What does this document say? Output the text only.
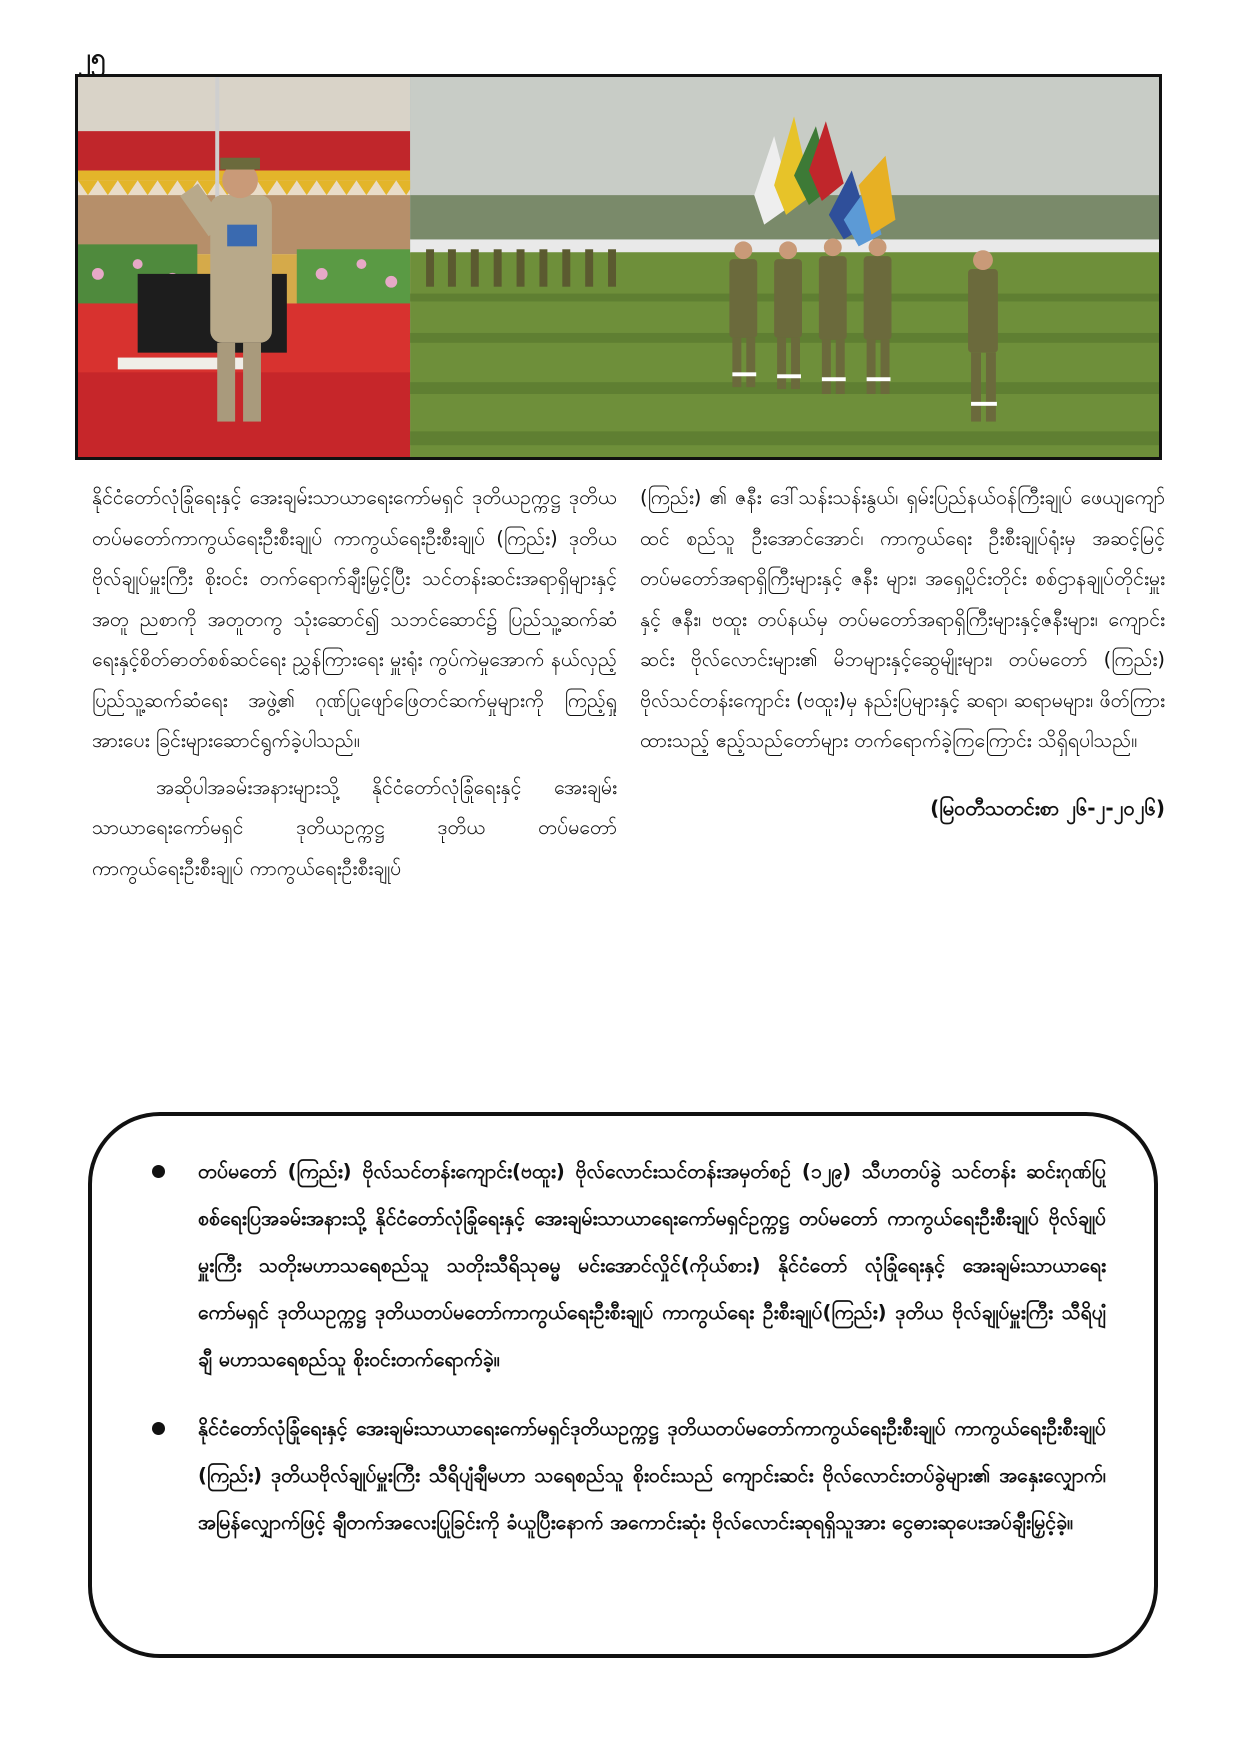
၂၅

နိုင်ငံတော်လုံခြုံရေးနှင့် အေးချမ်းသာယာရေးကော်မရှင် ဒုတိယဥက္ကဋ္ဌ ဒုတိယတပ်မတော်ကာကွယ်ရေးဦးစီးချုပ် ကာကွယ်ရေးဦးစီးချုပ် (ကြည်း) ဒုတိယဗိုလ်ချုပ်မှူးကြီး စိုးဝင်း တက်ရောက်ချီးမြှင့်ပြီး သင်တန်းဆင်းအရာရှိများနှင့် အတူ ညစာကို အတူတကွ သုံးဆောင်၍ သဘင်ဆောင်၌ ပြည်သူ့ဆက်ဆံရေးနှင့်စိတ်ဓာတ်စစ်ဆင်ရေး ညွှန်ကြားရေး မှူးရုံး ကွပ်ကဲမှုအောက် နယ်လှည့် ပြည်သူ့ဆက်ဆံရေး အဖွဲ့၏ ဂုဏ်ပြုဖျော်ဖြေတင်ဆက်မှုများကို ကြည့်ရှုအားပေး ခြင်းများဆောင်ရွက်ခဲ့ပါသည်။

အဆိုပါအခမ်းအနားများသို့ နိုင်ငံတော်လုံခြုံရေးနှင့် အေးချမ်းသာယာရေးကော်မရှင် ဒုတိယဥက္ကဋ္ဌ ဒုတိယ တပ်မတော်ကာကွယ်ရေးဦးစီးချုပ် ကာကွယ်ရေးဦးစီးချုပ်

(ကြည်း) ၏ ဇနီး ဒေါ်သန်းသန်းနွယ်၊ ရှမ်းပြည်နယ်ဝန်ကြီးချုပ် ဖေယျကျော်ထင် စည်သူ ဦးအောင်အောင်၊ ကာကွယ်ရေး ဦးစီးချုပ်ရုံးမှ အဆင့်မြင့်တပ်မတော်အရာရှိကြီးများနှင့် ဇနီး များ၊ အရှေ့ပိုင်းတိုင်း စစ်ဌာနချုပ်တိုင်းမှူးနှင့် ဇနီး၊ ဗထူး တပ်နယ်မှ တပ်မတော်အရာရှိကြီးများနှင့်ဇနီးများ၊ ကျောင်း ဆင်း ဗိုလ်လောင်းများ၏ မိဘများနှင့်ဆွေမျိုးများ၊ တပ်မတော် (ကြည်း) ဗိုလ်သင်တန်းကျောင်း (ဗထူး)မှ နည်းပြများနှင့် ဆရာ၊ ဆရာမများ၊ ဖိတ်ကြားထားသည့် ဧည့်သည်တော်များ တက်ရောက်ခဲ့ကြကြောင်း သိရှိရပါသည်။

(မြဝတီသတင်းစာ ၂၆-၂-၂၀၂၆)

တပ်မတော် (ကြည်း) ဗိုလ်သင်တန်းကျောင်း(ဗထူး) ဗိုလ်လောင်းသင်တန်းအမှတ်စဉ် (၁၂၉) သီဟတပ်ခွဲ သင်တန်း ဆင်းဂုဏ်ပြုစစ်ရေးပြအခမ်းအနားသို့ နိုင်ငံတော်လုံခြုံရေးနှင့် အေးချမ်းသာယာရေးကော်မရှင်ဥက္ကဋ္ဌ တပ်မတော် ကာကွယ်ရေးဦးစီးချုပ် ဗိုလ်ချုပ်မှူးကြီး သတိုးမဟာသရေစည်သူ သတိုးသီရိသုဓမ္မ မင်းအောင်လှိုင်(ကိုယ်စား) နိုင်ငံတော် လုံခြုံရေးနှင့် အေးချမ်းသာယာရေးကော်မရှင် ဒုတိယဥက္ကဋ္ဌ ဒုတိယတပ်မတော်ကာကွယ်ရေးဦးစီးချုပ် ကာကွယ်ရေး ဦးစီးချုပ်(ကြည်း) ဒုတိယ ဗိုလ်ချုပ်မှူးကြီး သီရိပျံချီ မဟာသရေစည်သူ စိုးဝင်းတက်ရောက်ခဲ့။
နိုင်ငံတော်လုံခြုံရေးနှင့် အေးချမ်းသာယာရေးကော်မရှင်ဒုတိယဥက္ကဋ္ဌ ဒုတိယတပ်မတော်ကာကွယ်ရေးဦးစီးချုပ် ကာကွယ်ရေးဦးစီးချုပ် (ကြည်း) ဒုတိယဗိုလ်ချုပ်မှူးကြီး သီရိပျံချီမဟာ သရေစည်သူ စိုးဝင်းသည် ကျောင်းဆင်း ဗိုလ်လောင်းတပ်ခွဲများ၏ အနှေးလျှောက်၊ အမြန်လျှောက်ဖြင့် ချီတက်အလေးပြုခြင်းကို ခံယူပြီးနောက် အကောင်းဆုံး ဗိုလ်လောင်းဆုရရှိသူအား ငွေဓားဆုပေးအပ်ချီးမြှင့်ခဲ့။
